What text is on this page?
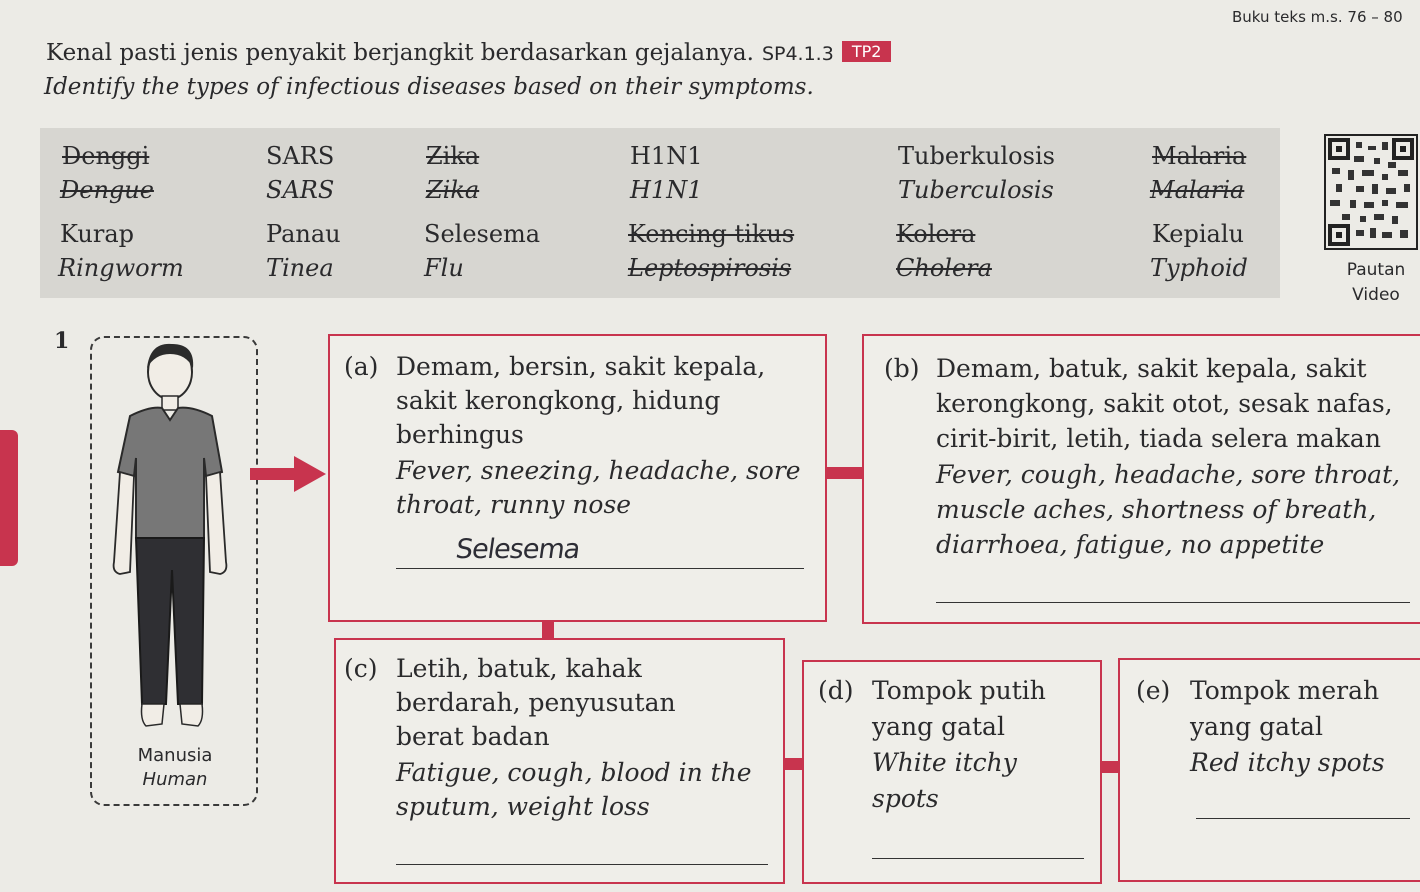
Buku teks m.s. 76 – 80
Kenal pasti jenis penyakit berjangkit berdasarkan gejalanya. SP4.1.3 TP2
Identify the types of infectious diseases based on their symptoms.
Denggi
Dengue
SARS
SARS
Zika
Zika
H1N1
H1N1
Tuberkulosis
Tuberculosis
Malaria
Malaria
Kurap
Ringworm
Panau
Tinea
Selesema
Flu
Kencing tikus
Leptospirosis
Kolera
Cholera
Kepialu
Typhoid	Pautan
Video
1
Manusia
Human

(a) Demam, bersin, sakit kepala,

sakit kerongkong, hidung

berhingus

Fever, sneezing, headache, sore

throat, runny nose

Selesema

(b) Demam, batuk, sakit kepala, sakit

kerongkong, sakit otot, sesak nafas,

cirit-birit, letih, tiada selera makan

Fever, cough, headache, sore throat,

muscle aches, shortness of breath,

diarrhoea, fatigue, no appetite

(c) Letih, batuk, kahak

berdarah, penyusutan

berat badan

Fatigue, cough, blood in the

sputum, weight loss

(d) Tompok putih

yang gatal

White itchy

spots

(e) Tompok merah

yang gatal

Red itchy spots
